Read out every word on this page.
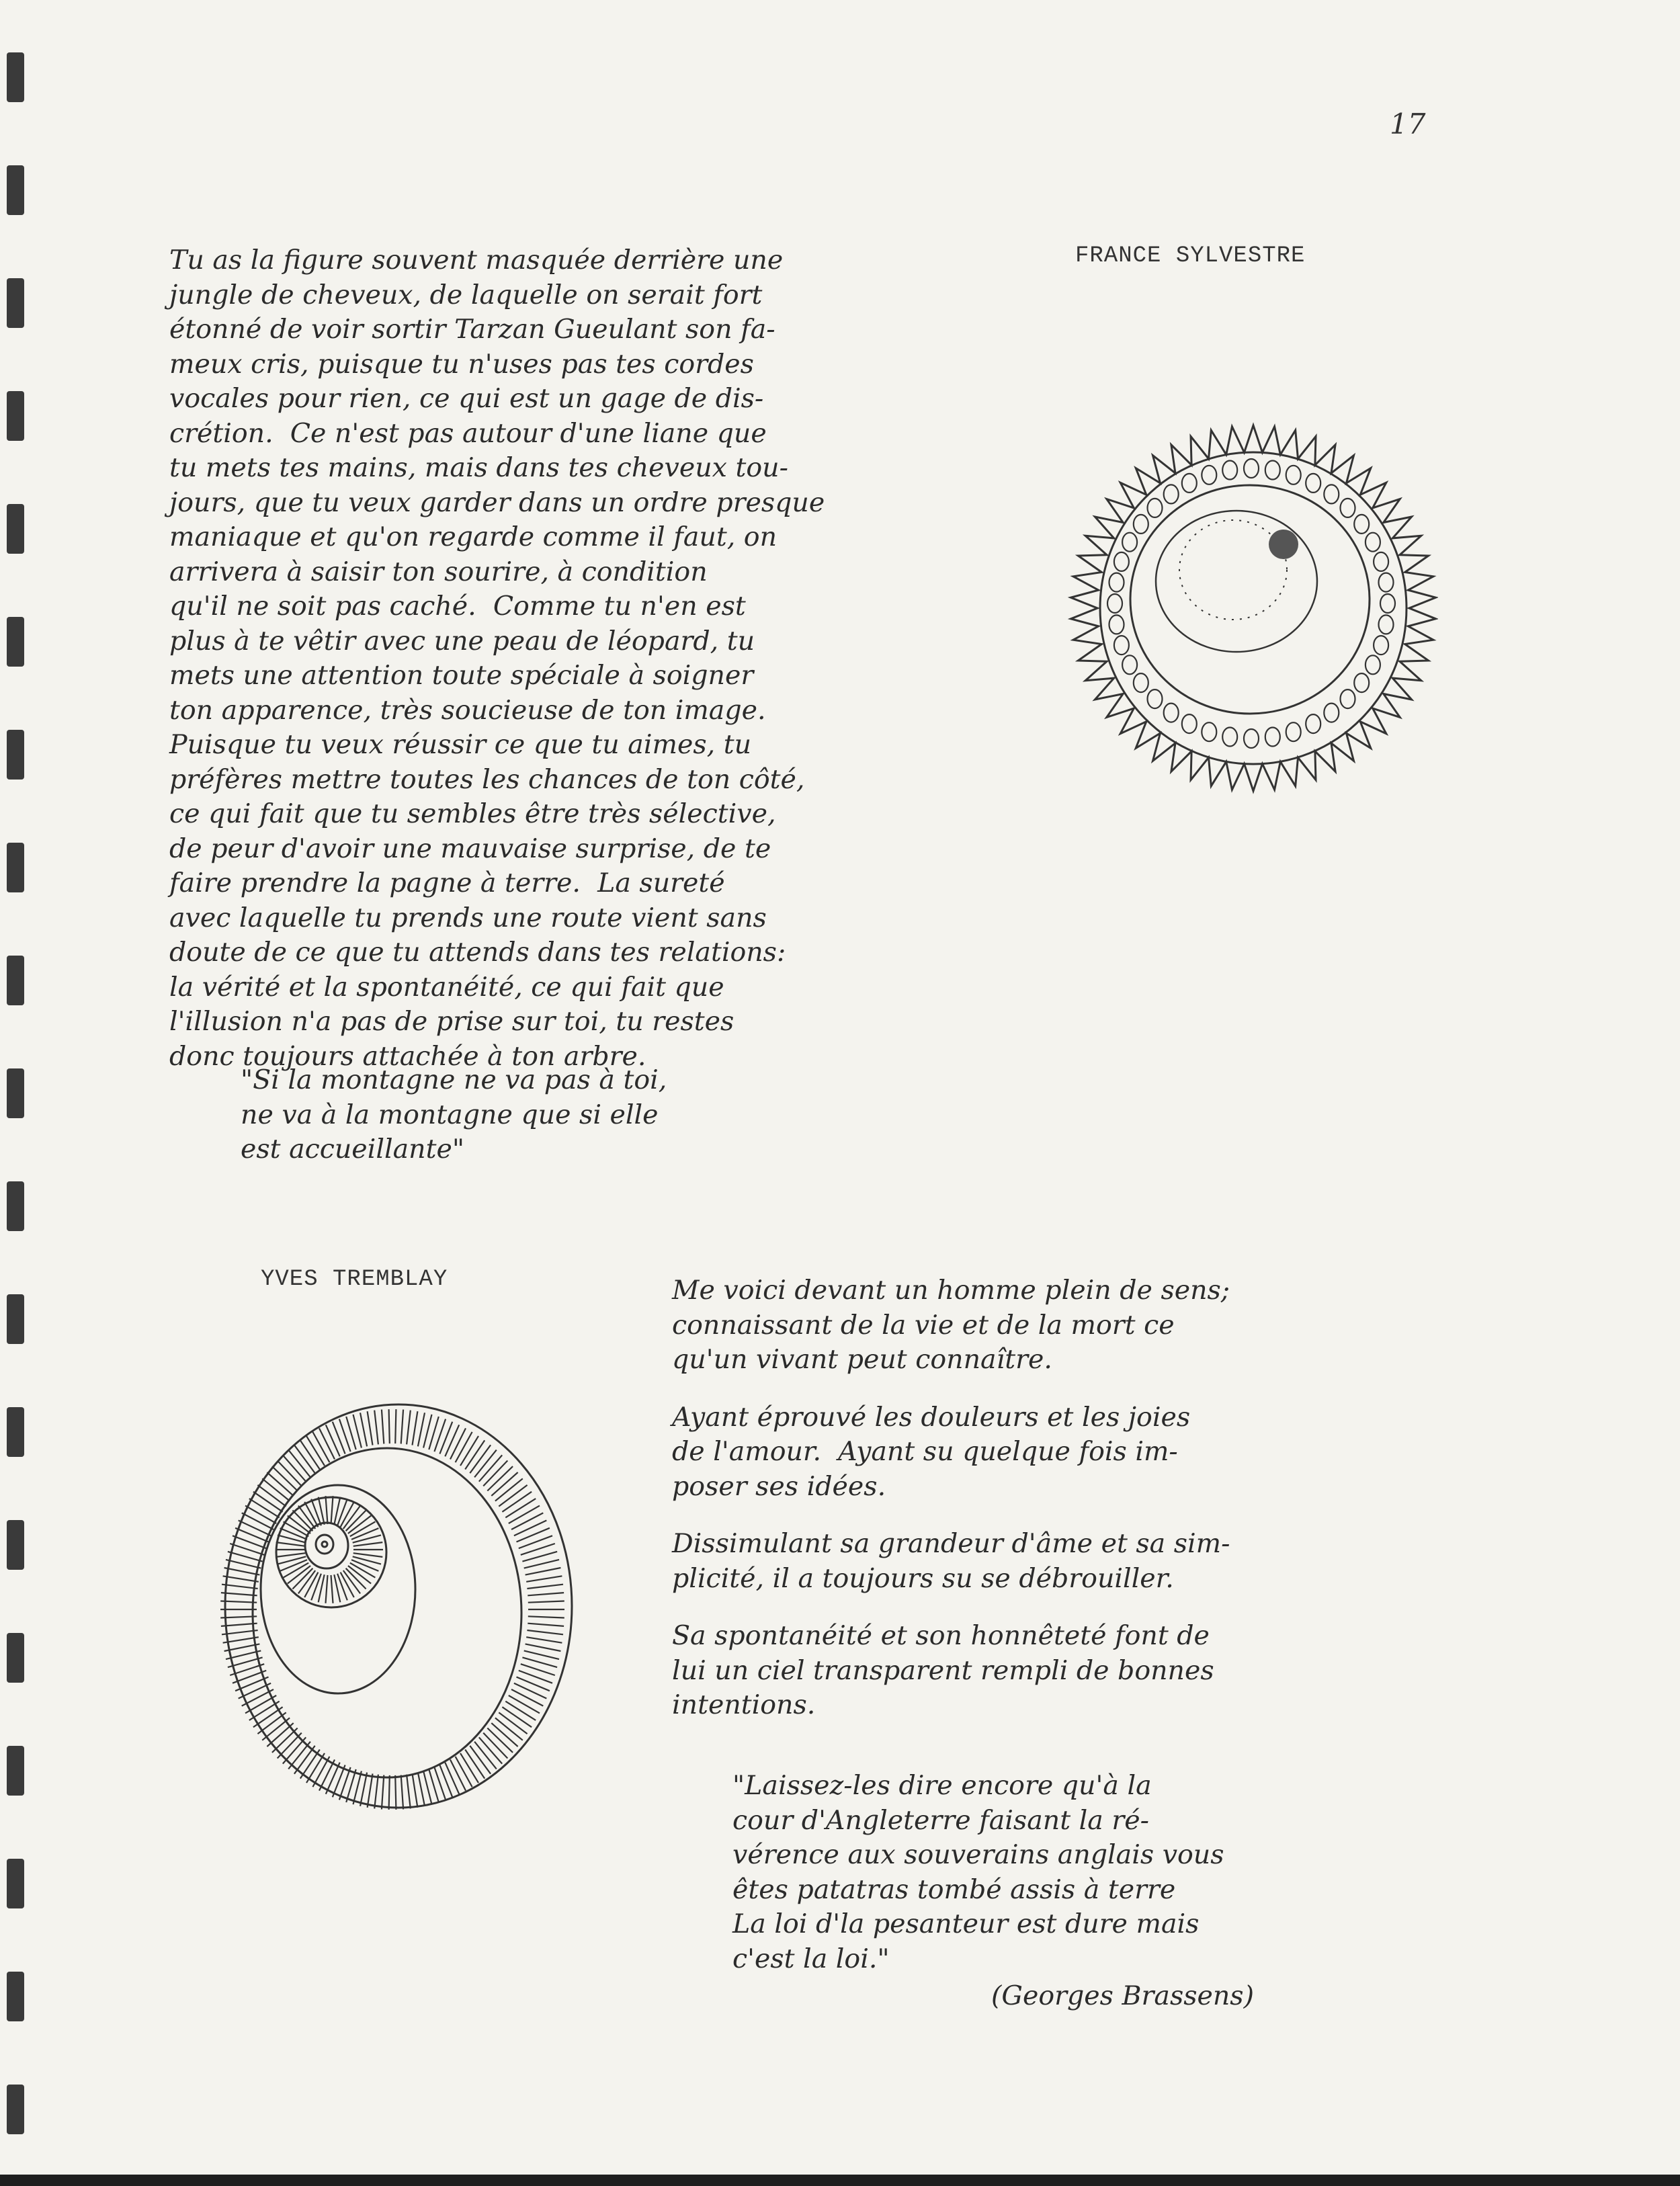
17
FRANCE SYLVESTRE
Tu as la figure souvent masquée derrière une
jungle de cheveux, de laquelle on serait fort
étonné de voir sortir Tarzan Gueulant son fa-
meux cris, puisque tu n'uses pas tes cordes
vocales pour rien, ce qui est un gage de dis-
crétion.  Ce n'est pas autour d'une liane que
tu mets tes mains, mais dans tes cheveux tou-
jours, que tu veux garder dans un ordre presque
maniaque et qu'on regarde comme il faut, on
arrivera à saisir ton sourire, à condition
qu'il ne soit pas caché.  Comme tu n'en est
plus à te vêtir avec une peau de léopard, tu
mets une attention toute spéciale à soigner
ton apparence, très soucieuse de ton image.
Puisque tu veux réussir ce que tu aimes, tu
préfères mettre toutes les chances de ton côté,
ce qui fait que tu sembles être très sélective,
de peur d'avoir une mauvaise surprise, de te
faire prendre la pagne à terre.  La sureté
avec laquelle tu prends une route vient sans
doute de ce que tu attends dans tes relations:
la vérité et la spontanéité, ce qui fait que
l'illusion n'a pas de prise sur toi, tu restes
donc toujours attachée à ton arbre.
"Si la montagne ne va pas à toi,
ne va à la montagne que si elle
est accueillante"
YVES TREMBLAY	Me voici devant un homme plein de sens;
connaissant de la vie et de la mort ce
qu'un vivant peut connaître.
Ayant éprouvé les douleurs et les joies
de l'amour.  Ayant su quelque fois im-
poser ses idées.
Dissimulant sa grandeur d'âme et sa sim-
plicité, il a toujours su se débrouiller.
Sa spontanéité et son honnêteté font de
lui un ciel transparent rempli de bonnes
intentions.
"Laissez-les dire encore qu'à la
cour d'Angleterre faisant la ré-
vérence aux souverains anglais vous
êtes patatras tombé assis à terre
La loi d'la pesanteur est dure mais
c'est la loi."
(Georges Brassens)
